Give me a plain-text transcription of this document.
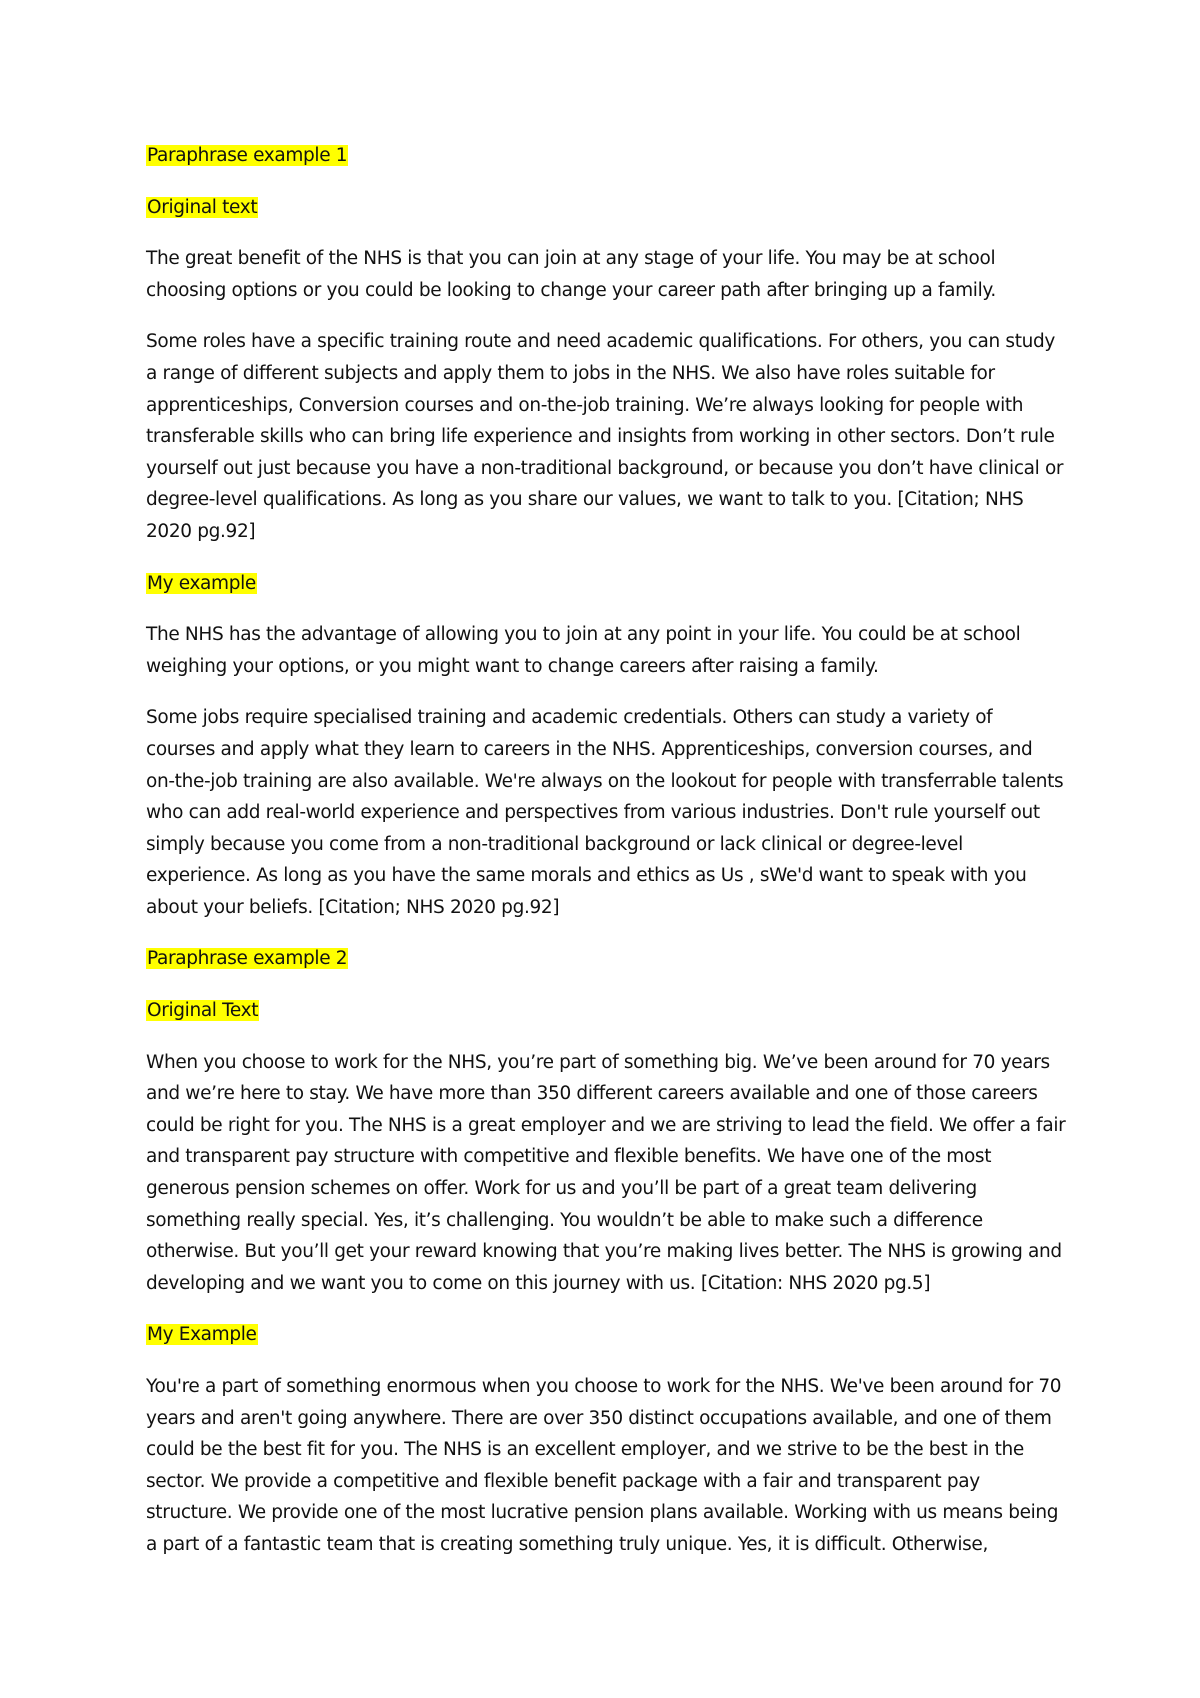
Paraphrase example 1
Original text

The great benefit of the NHS is that you can join at any stage of your life. You may be at school choosing options or you could be looking to change your career path after bringing up a family.

Some roles have a specific training route and need academic qualifications. For others, you can study a range of different subjects and apply them to jobs in the NHS. We also have roles suitable for apprenticeships, Conversion courses and on-the-job training. We’re always looking for people with transferable skills who can bring life experience and insights from working in other sectors. Don’t rule yourself out just because you have a non-traditional background, or because you don’t have clinical or degree-level qualifications. As long as you share our values, we want to talk to you. [Citation; NHS 2020 pg.92]

My example

The NHS has the advantage of allowing you to join at any point in your life. You could be at school weighing your options, or you might want to change careers after raising a family.

Some jobs require specialised training and academic credentials. Others can study a variety of courses and apply what they learn to careers in the NHS. Apprenticeships, conversion courses, and on-the-job training are also available. We're always on the lookout for people with transferrable talents who can add real-world experience and perspectives from various industries. Don't rule yourself out simply because you come from a non-traditional background or lack clinical or degree-level experience. As long as you have the same morals and ethics as Us , sWe'd want to speak with you about your beliefs. [Citation; NHS 2020 pg.92]

Paraphrase example 2
Original Text

When you choose to work for the NHS, you’re part of something big. We’ve been around for 70 years and we’re here to stay. We have more than 350 different careers available and one of those careers could be right for you. The NHS is a great employer and we are striving to lead the field. We offer a fair and transparent pay structure with competitive and flexible benefits. We have one of the most generous pension schemes on offer. Work for us and you’ll be part of a great team delivering something really special. Yes, it’s challenging. You wouldn’t be able to make such a difference otherwise. But you’ll get your reward knowing that you’re making lives better. The NHS is growing and developing and we want you to come on this journey with us. [Citation: NHS 2020 pg.5]

My Example

You're a part of something enormous when you choose to work for the NHS. We've been around for 70 years and aren't going anywhere. There are over 350 distinct occupations available, and one of them could be the best fit for you. The NHS is an excellent employer, and we strive to be the best in the sector. We provide a competitive and flexible benefit package with a fair and transparent pay structure. We provide one of the most lucrative pension plans available. Working with us means being a part of a fantastic team that is creating something truly unique. Yes, it is difficult. Otherwise,
